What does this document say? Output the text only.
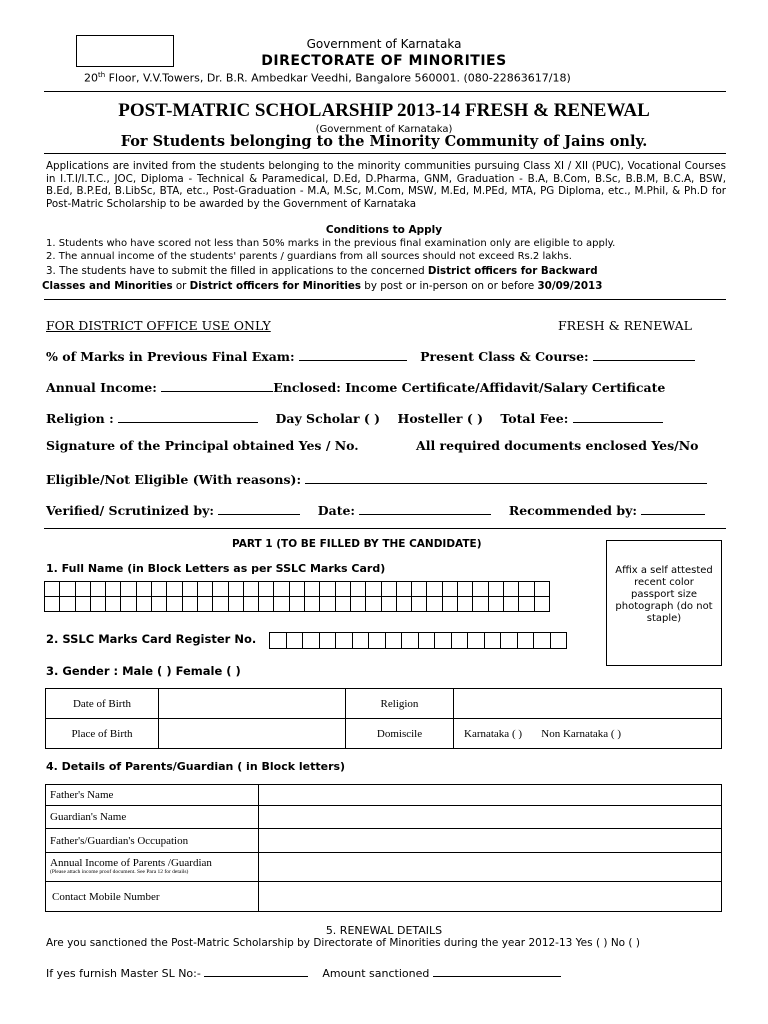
Government of Karnataka
DIRECTORATE OF MINORITIES
20th Floor, V.V.Towers, Dr. B.R. Ambedkar Veedhi, Bangalore 560001. (080-22863617/18)
POST-MATRIC SCHOLARSHIP 2013-14 FRESH & RENEWAL
(Government of Karnataka)
For Students belonging to the Minority Community of Jains only.
Applications are invited from the students belonging to the minority communities pursuing Class XI / XII (PUC), Vocational Courses in I.T.I/I.T.C., JOC, Diploma - Technical & Paramedical, D.Ed, D.Pharma, GNM, Graduation - B.A, B.Com, B.Sc, B.B.M, B.C.A, BSW, B.Ed, B.P.Ed, B.LibSc, BTA, etc., Post-Graduation - M.A, M.Sc, M.Com, MSW, M.Ed, M.PEd, MTA, PG Diploma, etc., M.Phil, & Ph.D for Post-Matric Scholarship to be awarded by the Government of Karnataka
Conditions to Apply
1. Students who have scored not less than 50% marks in the previous final examination only are eligible to apply.
2. The annual income of the students' parents / guardians from all sources should not exceed Rs.2 lakhs.
3. The students have to submit the filled in applications to the concerned District officers for Backward
Classes and Minorities or District officers for Minorities by post or in-person on or before 30/09/2013
FOR DISTRICT OFFICE USE ONLY	FRESH & RENEWAL
% of Marks in Previous Final Exam:	Present Class & Course:
Annual Income:	Enclosed: Income Certificate/Affidavit/Salary Certificate
Religion :	Day Scholar ( ) Hosteller ( ) Total Fee:
Signature of the Principal obtained Yes / No.	All required documents enclosed Yes/No
Eligible/Not Eligible (With reasons):
Verified/ Scrutinized by:	Date:	Recommended by:
PART 1 (TO BE FILLED BY THE CANDIDATE)
1. Full Name (in Block Letters as per SSLC Marks Card)
2. SSLC Marks Card Register No.
3. Gender : Male ( ) Female ( )
Affix a self attested recent color passport size photograph (do not staple)
Date of Birth		Religion	
Place of Birth		Domiscile	Karnataka ( ) Non Karnataka ( )
4. Details of Parents/Guardian ( in Block letters)
Father's Name	
Guardian's Name	
Father's/Guardian's Occupation	

Annual Income of Parents /Guardian
(Please attach income proof document. See Para 12 for details)	

Contact Mobile Number	
5. RENEWAL DETAILS
Are you sanctioned the Post-Matric Scholarship by Directorate of Minorities during the year 2012-13 Yes ( ) No ( )
If yes furnish Master SL No:-	Amount sanctioned
